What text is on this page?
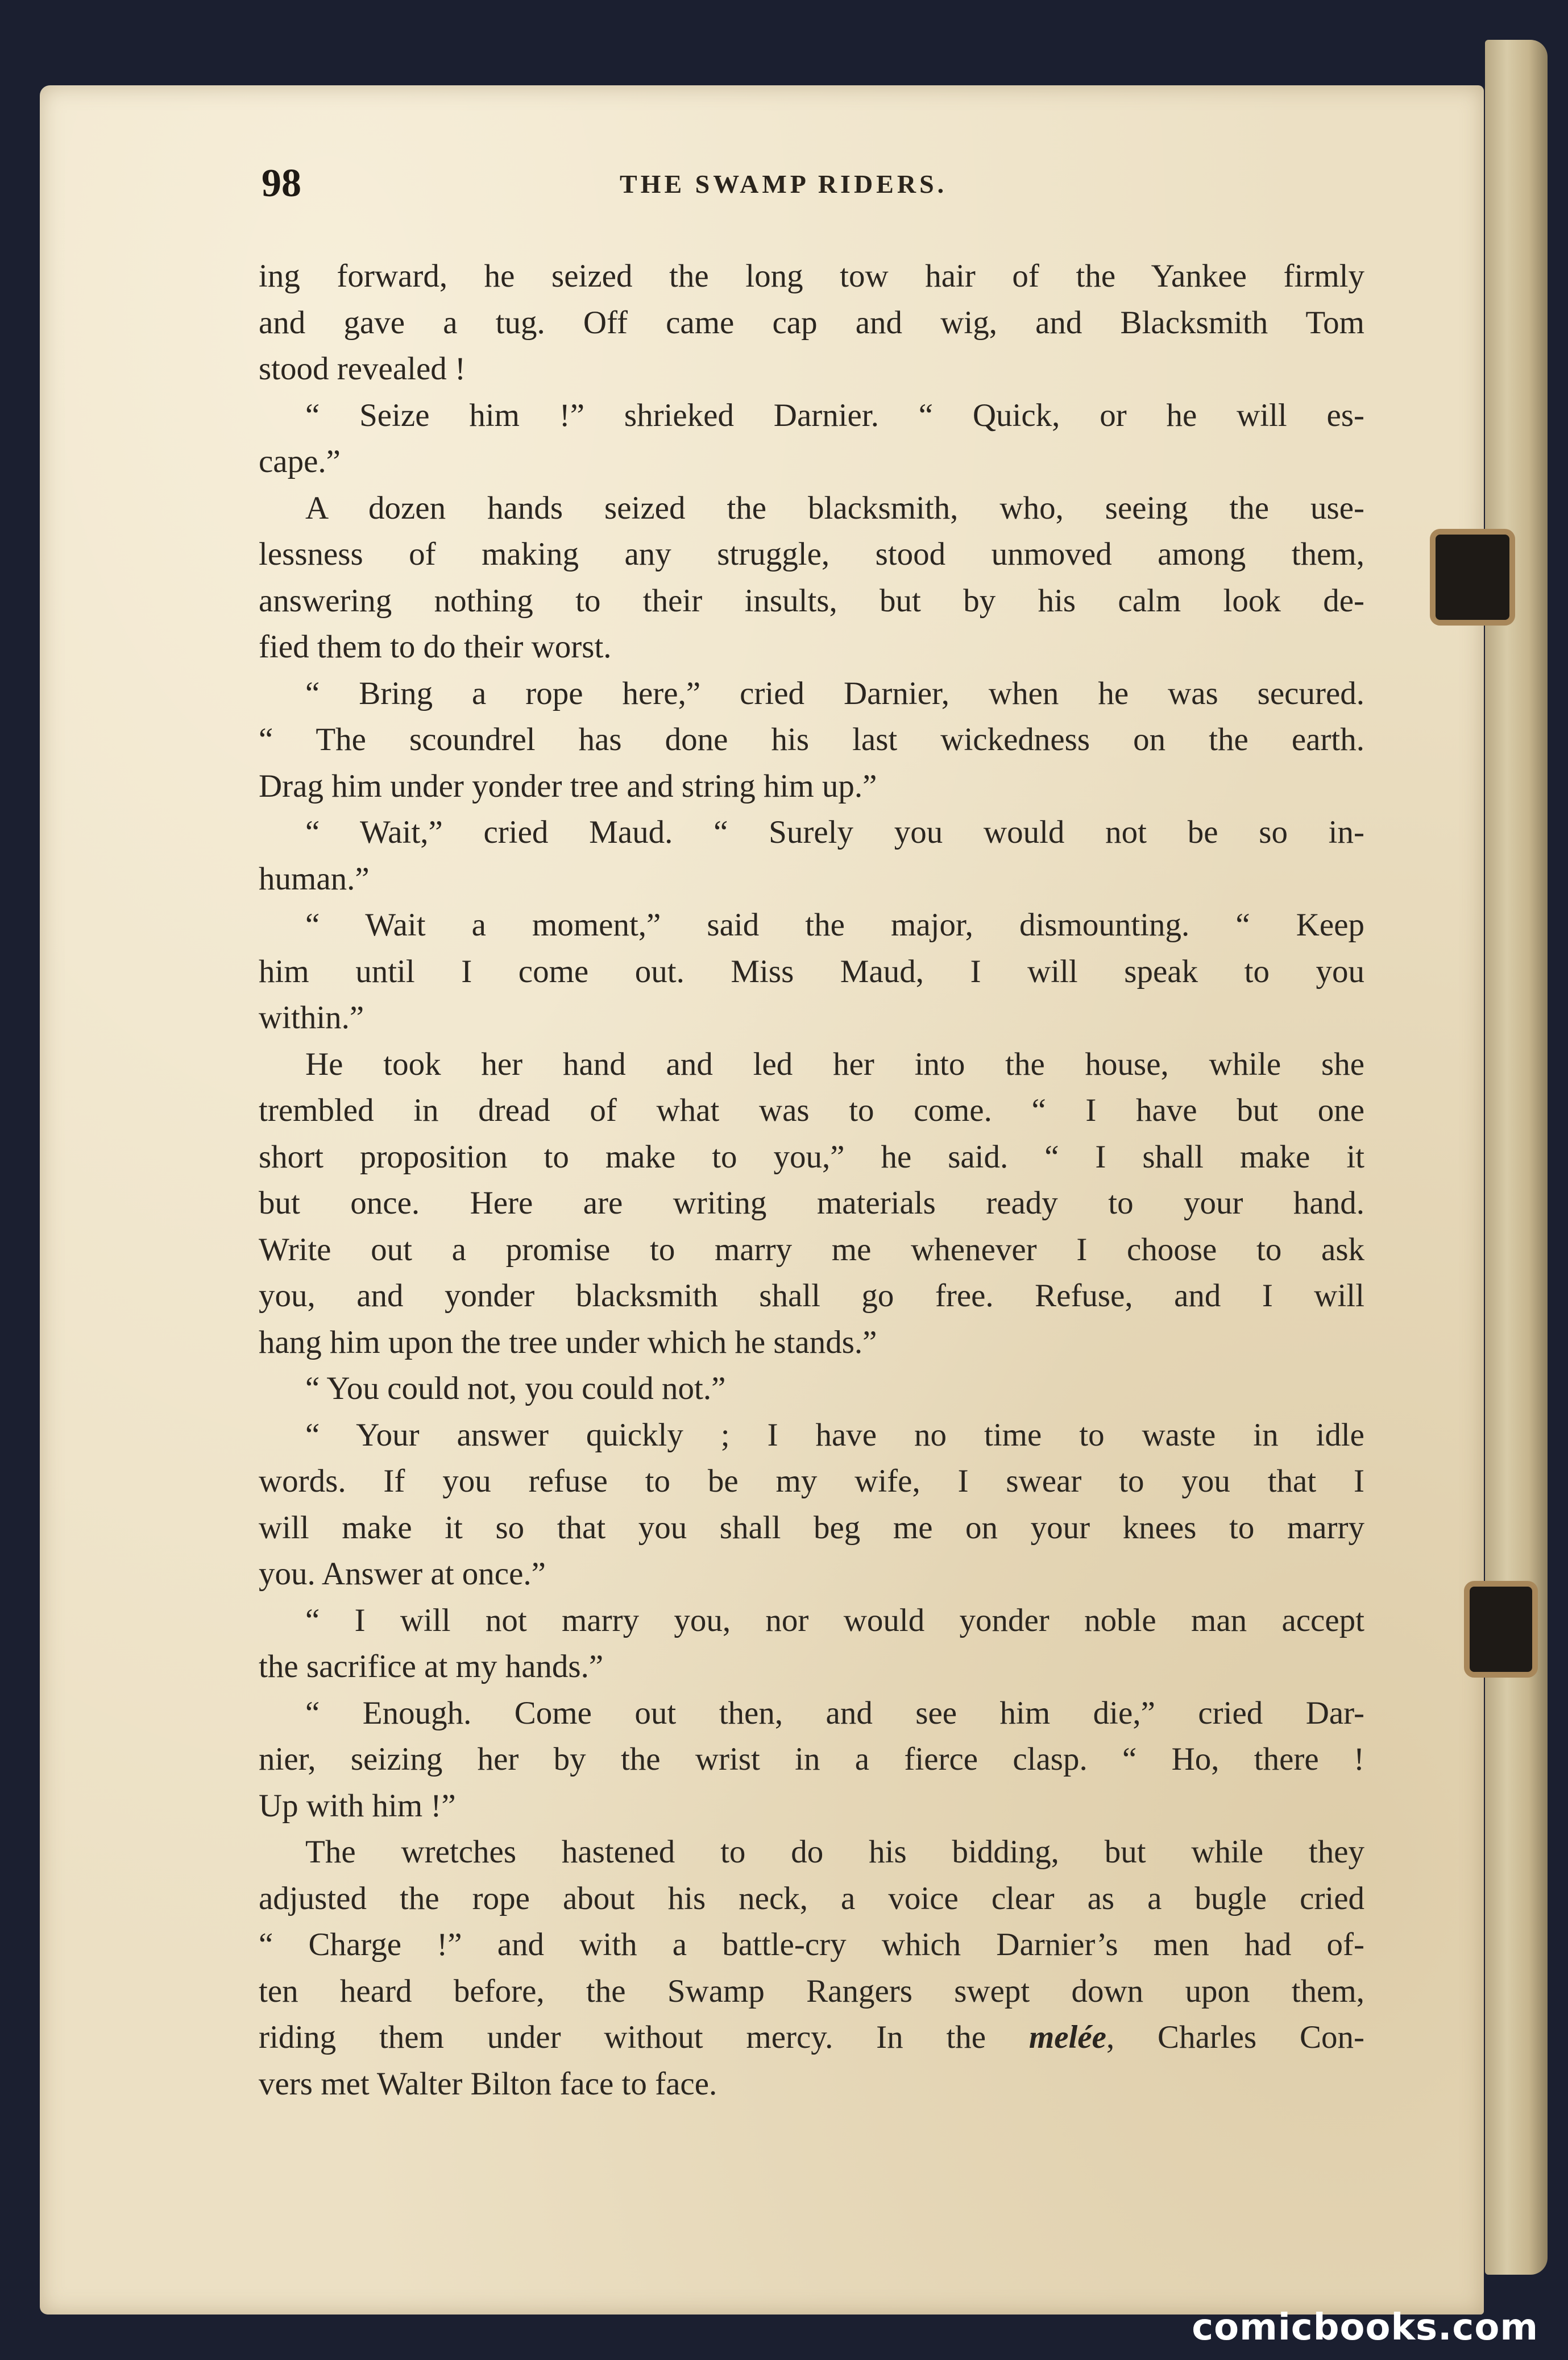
98	THE SWAMP RIDERS.
ing forward, he seized the long tow hair of the Yankee firmly
and gave a tug. Off came cap and wig, and Blacksmith Tom
stood revealed !
“ Seize him !” shrieked Darnier. “ Quick, or he will es-
cape.”
A dozen hands seized the blacksmith, who, seeing the use-
lessness of making any struggle, stood unmoved among them,
answering nothing to their insults, but by his calm look de-
fied them to do their worst.
“ Bring a rope here,” cried Darnier, when he was secured.
“ The scoundrel has done his last wickedness on the earth.
Drag him under yonder tree and string him up.”
“ Wait,” cried Maud. “ Surely you would not be so in-
human.”
“ Wait a moment,” said the major, dismounting. “ Keep
him until I come out. Miss Maud, I will speak to you
within.”
He took her hand and led her into the house, while she
trembled in dread of what was to come. “ I have but one
short proposition to make to you,” he said. “ I shall make it
but once. Here are writing materials ready to your hand.
Write out a promise to marry me whenever I choose to ask
you, and yonder blacksmith shall go free. Refuse, and I will
hang him upon the tree under which he stands.”
“ You could not, you could not.”
“ Your answer quickly ; I have no time to waste in idle
words. If you refuse to be my wife, I swear to you that I
will make it so that you shall beg me on your knees to marry
you. Answer at once.”
“ I will not marry you, nor would yonder noble man accept
the sacrifice at my hands.”
“ Enough. Come out then, and see him die,” cried Dar-
nier, seizing her by the wrist in a fierce clasp. “ Ho, there !
Up with him !”
The wretches hastened to do his bidding, but while they
adjusted the rope about his neck, a voice clear as a bugle cried
“ Charge !” and with a battle-cry which Darnier’s men had of-
ten heard before, the Swamp Rangers swept down upon them,
riding them under without mercy. In the melée, Charles Con-
vers met Walter Bilton face to face.
comicbooks.com
